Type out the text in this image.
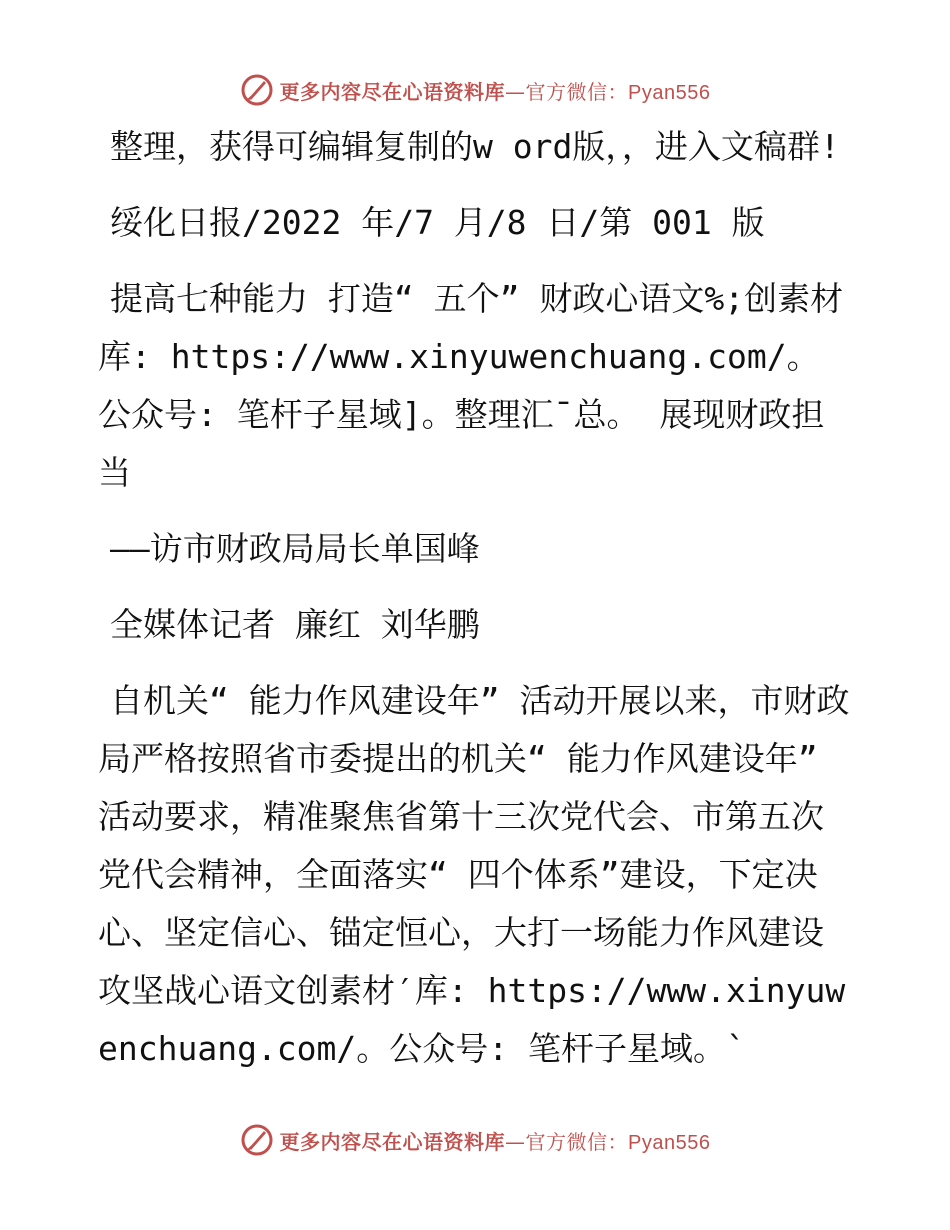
更多内容尽在心语资料库—官方微信：Pyan556

整理，获得可编辑复制的w ord版，，进入文稿群!

绥化日报/2022 年/7 月/8 日/第 001 版

提高七种能力 打造“ 五个” 财政心语文%;创素材库: https://www.xinyuwenchuang.com/。公众号: 笔杆子星域]。整理汇¯总。 展现财政担当

——访市财政局局长单国峰

全媒体记者 廉红 刘华鹏

自机关“ 能力作风建设年” 活动开展以来，市财政局严格按照省市委提出的机关“ 能力作风建设年” 活动要求，精准聚焦省第十三次党代会、市第五次党代会精神，全面落实“ 四个体系”建设，下定决心、坚定信心、锚定恒心，大打一场能力作风建设攻坚战心语文创素材′库: https://www.xinyuwenchuang.com/。公众号: 笔杆子星域。`

更多内容尽在心语资料库—官方微信：Pyan556
